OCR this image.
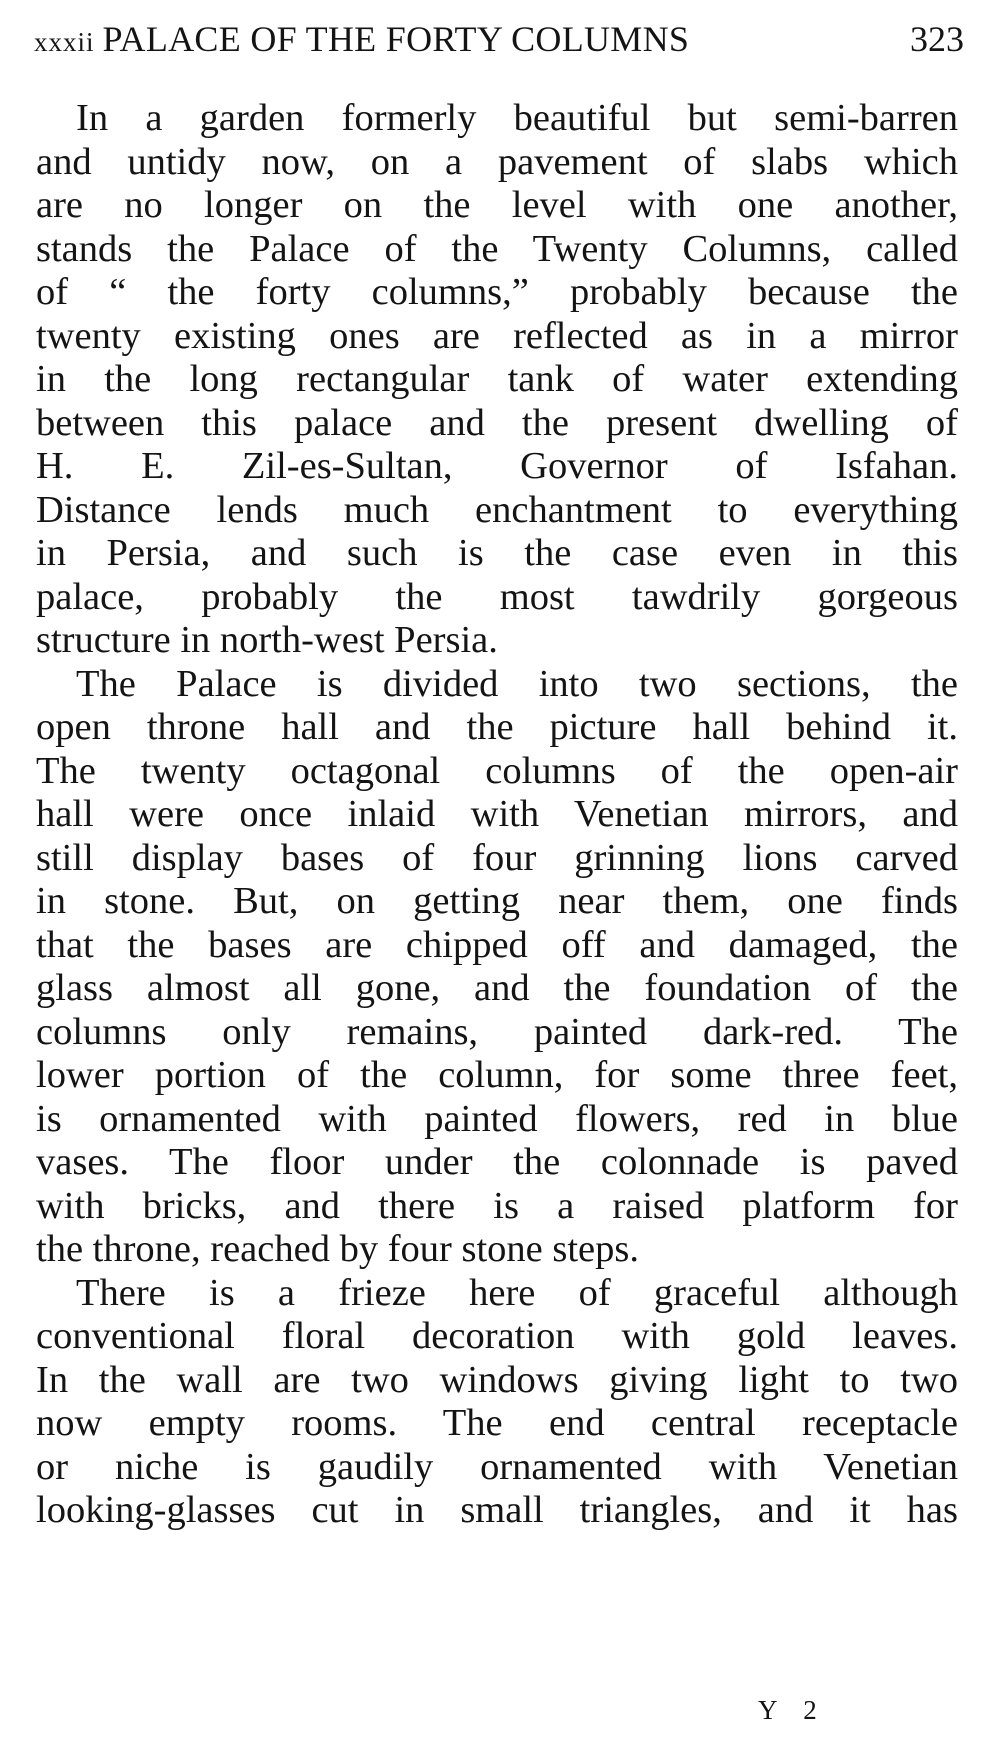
xxxii PALACE OF THE FORTY COLUMNS	323
In a garden formerly beautiful but semi-barren
and untidy now, on a pavement of slabs which
are no longer on the level with one another,
stands the Palace of the Twenty Columns, called
of “ the forty columns,” probably because the
twenty existing ones are reflected as in a mirror
in the long rectangular tank of water extending
between this palace and the present dwelling of
H. E. Zil-es-Sultan, Governor of Isfahan.
Distance lends much enchantment to everything
in Persia, and such is the case even in this
palace, probably the most tawdrily gorgeous
structure in north-west Persia.
The Palace is divided into two sections, the
open throne hall and the picture hall behind it.
The twenty octagonal columns of the open-air
hall were once inlaid with Venetian mirrors, and
still display bases of four grinning lions carved
in stone. But, on getting near them, one finds
that the bases are chipped off and damaged, the
glass almost all gone, and the foundation of the
columns only remains, painted dark-red. The
lower portion of the column, for some three feet,
is ornamented with painted flowers, red in blue
vases. The floor under the colonnade is paved
with bricks, and there is a raised platform for
the throne, reached by four stone steps.
There is a frieze here of graceful although
conventional floral decoration with gold leaves.
In the wall are two windows giving light to two
now empty rooms. The end central receptacle
or niche is gaudily ornamented with Venetian
looking-glasses cut in small triangles, and it has
Y 2
